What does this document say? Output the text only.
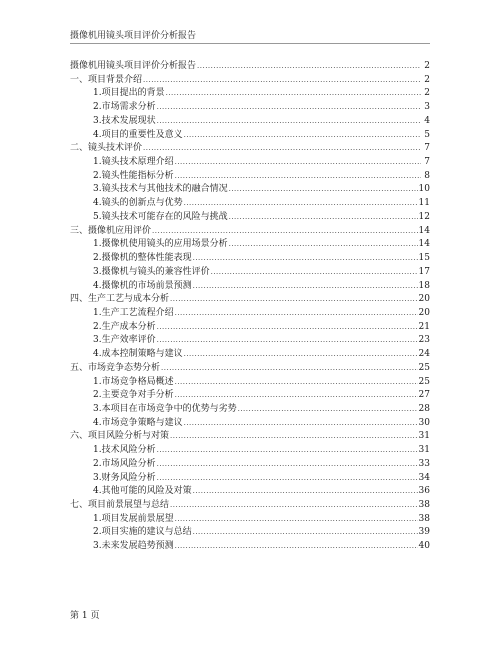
摄像机用镜头项目评价分析报告
摄像机用镜头项目评价分析报告 .....	2
一、项目背景介绍 .....	2
1. 项目提出的背景 .....	2
2. 市场需求分析 .....	3
3. 技术发展现状 .....	4
4. 项目的重要性及意义 .....	5
二、镜头技术评价 .....	7
1. 镜头技术原理介绍 .....	7
2. 镜头性能指标分析 .....	8
3. 镜头技术与其他技术的融合情况 .....	10
4. 镜头的创新点与优势 .....	11
5. 镜头技术可能存在的风险与挑战 .....	12
三、摄像机应用评价 .....	14
1. 摄像机使用镜头的应用场景分析 .....	14
2. 摄像机的整体性能表现 .....	15
3. 摄像机与镜头的兼容性评价 .....	17
4. 摄像机的市场前景预测 .....	18
四、生产工艺与成本分析 .....	20
1. 生产工艺流程介绍 .....	20
2. 生产成本分析 .....	21
3. 生产效率评价 .....	23
4. 成本控制策略与建议 .....	24
五、市场竞争态势分析 .....	25
1. 市场竞争格局概述 .....	25
2. 主要竞争对手分析 .....	27
3. 本项目在市场竞争中的优势与劣势 .....	28
4. 市场竞争策略与建议 .....	30
六、项目风险分析与对策 .....	31
1. 技术风险分析 .....	31
2. 市场风险分析 .....	33
3. 财务风险分析 .....	34
4. 其他可能的风险及对策 .....	36
七、项目前景展望与总结 .....	38
1. 项目发展前景展望 .....	38
2. 项目实施的建议与总结 .....	39
3. 未来发展趋势预测 .....	40
第 1 页
